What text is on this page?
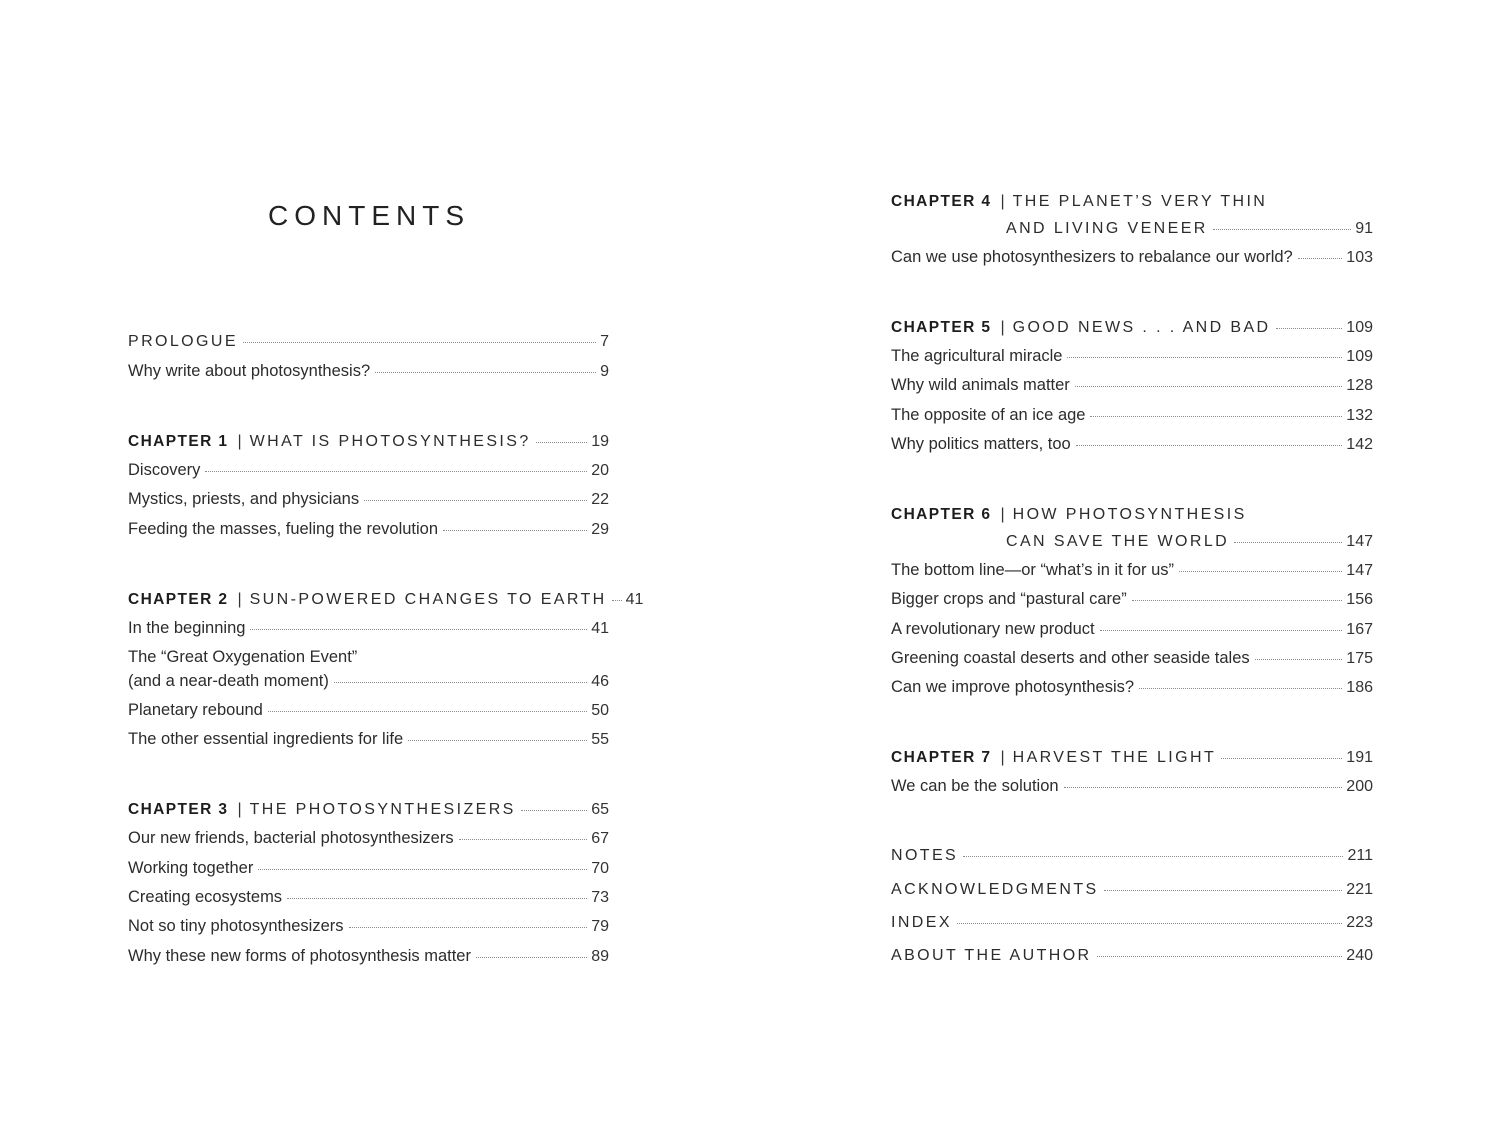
CONTENTS
PROLOGUE	7
Why write about photosynthesis?	9
CHAPTER 1 | WHAT IS PHOTOSYNTHESIS?	19
Discovery	20
Mystics, priests, and physicians	22
Feeding the masses, fueling the revolution	29
CHAPTER 2 | SUN-POWERED CHANGES TO EARTH 41
In the beginning	41
The “Great Oxygenation Event”
(and a near-death moment)	46
Planetary rebound	50
The other essential ingredients for life	55
CHAPTER 3 | THE PHOTOSYNTHESIZERS	65
Our new friends, bacterial photosynthesizers	67
Working together	70
Creating ecosystems	73
Not so tiny photosynthesizers	79
Why these new forms of photosynthesis matter	89
CHAPTER 4 | THE PLANET’S VERY THIN
AND LIVING VENEER	91
Can we use photosynthesizers to rebalance our world?	103
CHAPTER 5 | GOOD NEWS . . . AND BAD	109
The agricultural miracle	109
Why wild animals matter	128
The opposite of an ice age	132
Why politics matters, too	142
CHAPTER 6 | HOW PHOTOSYNTHESIS
CAN SAVE THE WORLD	147
The bottom line—or “what’s in it for us”	147
Bigger crops and “pastural care”	156
A revolutionary new product	167
Greening coastal deserts and other seaside tales	175
Can we improve photosynthesis?	186
CHAPTER 7 | HARVEST THE LIGHT	191
We can be the solution	200
NOTES	211
ACKNOWLEDGMENTS	221
INDEX	223
ABOUT THE AUTHOR	240
